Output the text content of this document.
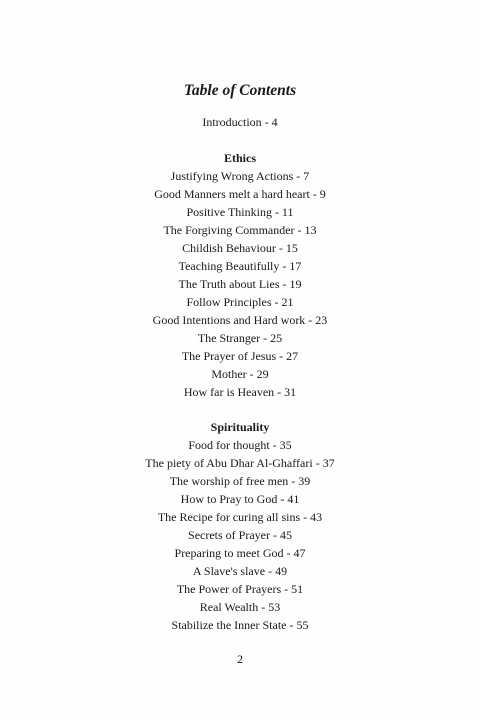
Table of Contents

Introduction - 4

Ethics
Justifying Wrong Actions - 7
Good Manners melt a hard heart - 9
Positive Thinking - 11
The Forgiving Commander - 13
Childish Behaviour - 15
Teaching Beautifully - 17
The Truth about Lies - 19
Follow Principles - 21
Good Intentions and Hard work - 23
The Stranger - 25
The Prayer of Jesus - 27
Mother - 29
How far is Heaven - 31
Spirituality
Food for thought - 35
The piety of Abu Dhar Al-Ghaffari - 37
The worship of free men - 39
How to Pray to God - 41
The Recipe for curing all sins - 43
Secrets of Prayer - 45
Preparing to meet God - 47
A Slave's slave - 49
The Power of Prayers - 51
Real Wealth - 53
Stabilize the Inner State - 55

2
